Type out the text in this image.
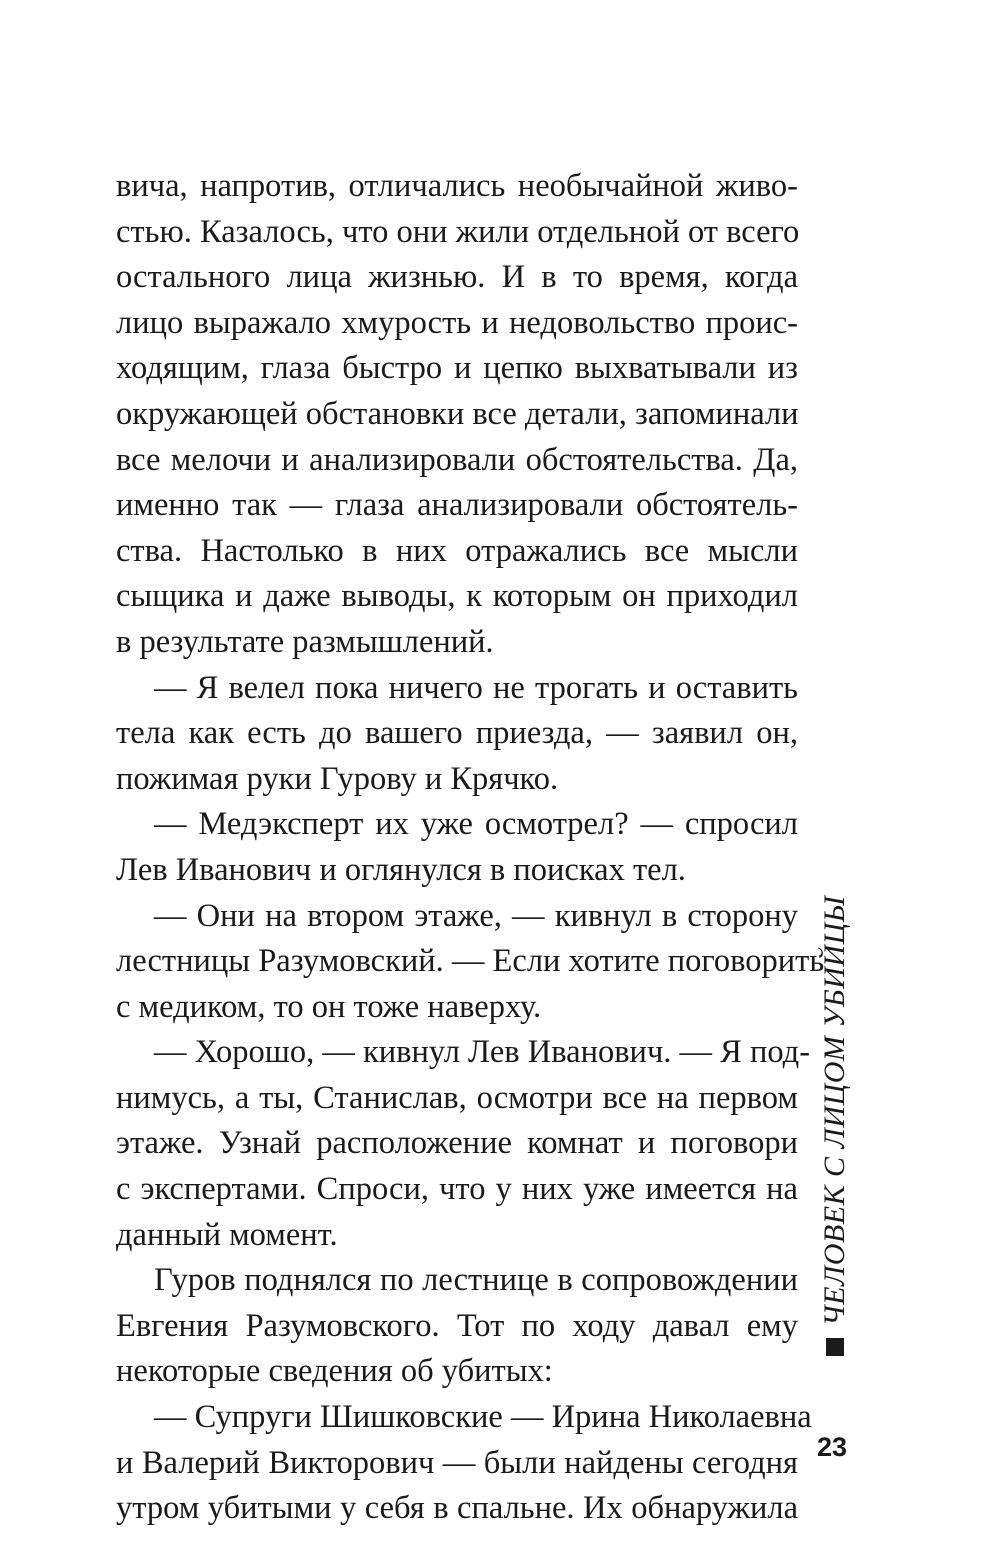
вича, напротив, отличались необычайной живо-
стью. Казалось, что они жили отдельной от всего
остального лица жизнью. И в то время, когда
лицо выражало хмурость и недовольство проис-
ходящим, глаза быстро и цепко выхватывали из
окружающей обстановки все детали, запоминали
все мелочи и анализировали обстоятельства. Да,
именно так — глаза анализировали обстоятель-
ства. Настолько в них отражались все мысли
сыщика и даже выводы, к которым он приходил
в результате размышлений.
— Я велел пока ничего не трогать и оставить
тела как есть до вашего приезда, — заявил он,
пожимая руки Гурову и Крячко.
— Медэксперт их уже осмотрел? — спросил
Лев Иванович и оглянулся в поисках тел.
— Они на втором этаже, — кивнул в сторону
лестницы Разумовский. — Если хотите поговорить
с медиком, то он тоже наверху.
— Хорошо, — кивнул Лев Иванович. — Я под-
нимусь, а ты, Станислав, осмотри все на первом
этаже. Узнай расположение комнат и поговори
с экспертами. Спроси, что у них уже имеется на
данный момент.
Гуров поднялся по лестнице в сопровождении
Евгения Разумовского. Тот по ходу давал ему
некоторые сведения об убитых:
— Супруги Шишковские — Ирина Николаевна
и Валерий Викторович — были найдены сегодня
утром убитыми у себя в спальне. Их обнаружила
ЧЕЛОВЕК С ЛИЦОМ УБИЙЦЫ
23
